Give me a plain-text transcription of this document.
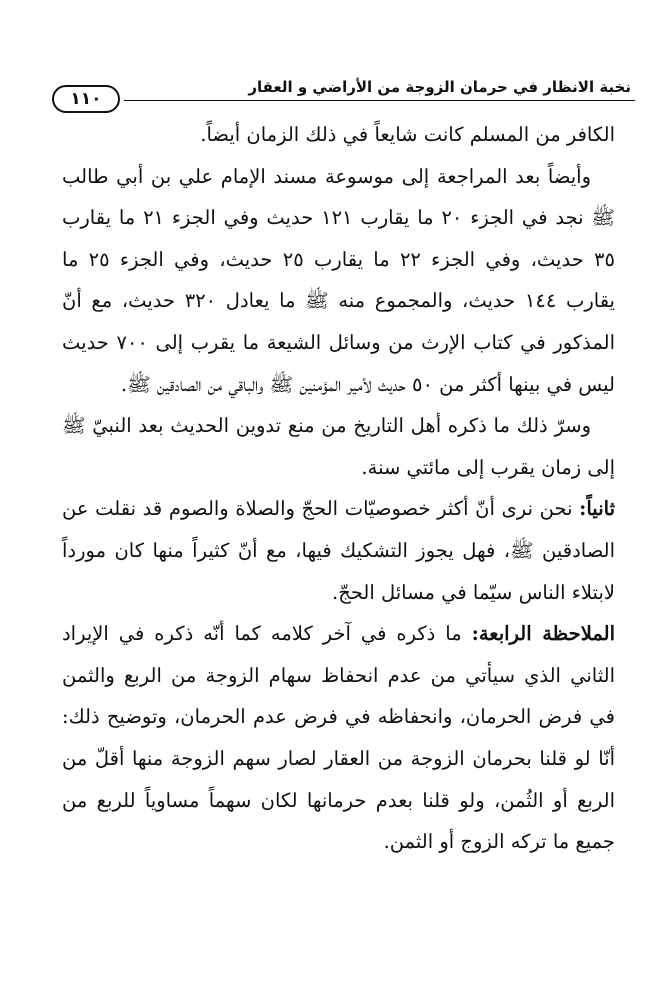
نخبة الانظار في حرمان الزوجة من الأراضي و العقار
١١٠

الكافر من المسلم كانت شايعاً في ذلك الزمان أيضاً.

وأيضاً بعد المراجعة إلى موسوعة مسند الإمام علي بن أبي طالب ﷺ نجد في الجزء ٢٠ ما يقارب ١٢١ حديث وفي الجزء ٢١ ما يقارب ٣٥ حديث، وفي الجزء ٢٢ ما يقارب ٢٥ حديث، وفي الجزء ٢٥ ما يقارب ١٤٤ حديث، والمجموع منه ﷺ ما يعادل ٣٢٠ حديث، مع أنّ المذكور في كتاب الإرث من وسائل الشيعة ما يقرب إلى ٧٠٠ حديث ليس في بينها أكثر من ٥٠ حديث لأمير المؤمنين ﷺ والباقي من الصادقين ﷺ.

وسرّ ذلك ما ذكره أهل التاريخ من منع تدوين الحديث بعد النبيّ ﷺ إلى زمان يقرب إلى مائتي سنة.

ثانياً: نحن نرى أنّ أكثر خصوصيّات الحجّ والصلاة والصوم قد نقلت عن الصادقين ﷺ، فهل يجوز التشكيك فيها، مع أنّ كثيراً منها كان مورداً لابتلاء الناس سيّما في مسائل الحجّ.

الملاحظة الرابعة: ما ذكره في آخر كلامه كما أنّه ذكره في الإيراد الثاني الذي سيأتي من عدم انحفاظ سهام الزوجة من الربع والثمن في فرض الحرمان، وانحفاظه في فرض عدم الحرمان، وتوضيح ذلك: أنّا لو قلنا بحرمان الزوجة من العقار لصار سهم الزوجة منها أقلّ من الربع أو الثُمن، ولو قلنا بعدم حرمانها لكان سهماً مساوياً للربع من جميع ما تركه الزوج أو الثمن.
